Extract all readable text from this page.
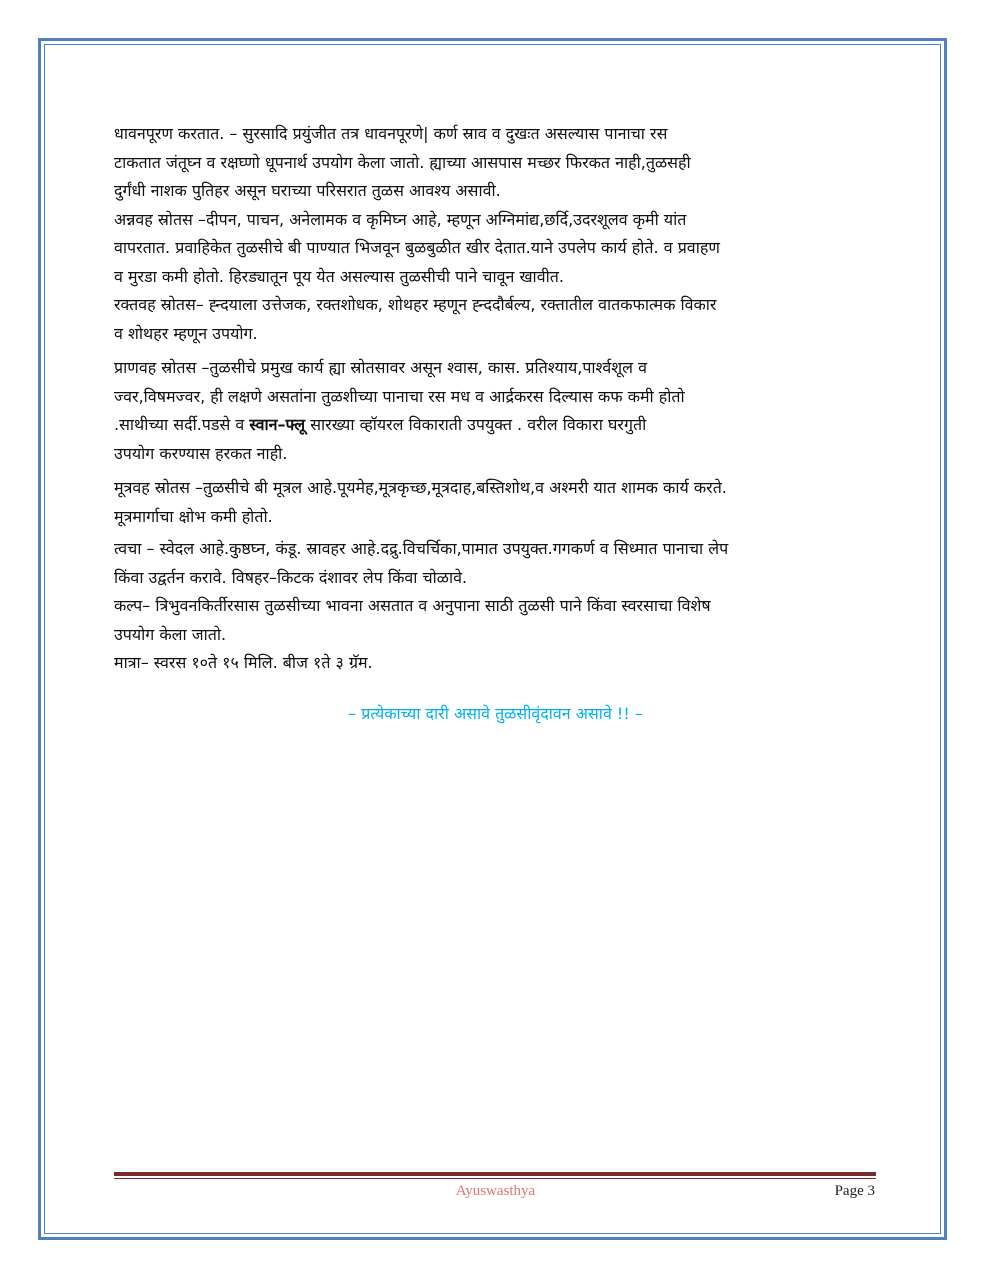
धावनपूरण करतात. – सुरसादि प्रयुंजीत तत्र धावनपूरणे| कर्ण स्राव व दुखःत असल्यास पानाचा रस

टाकतात जंतूघ्न व रक्षघ्णो धूपनार्थ उपयोग केला जातो. ह्याच्या आसपास मच्छर फिरकत नाही,तुळसही

दुर्गंधी नाशक पुतिहर असून घराच्या परिसरात तुळस आवश्य असावी.

अन्नवह स्रोतस –दीपन, पाचन, अनेलामक व कृमिघ्न आहे, म्हणून अग्निमांद्य,छर्दि,उदरशूलव कृमी यांत

वापरतात. प्रवाहिकेत तुळसीचे बी पाण्यात भिजवून बुळबुळीत खीर देतात.याने उपलेप कार्य होते. व प्रवाहण

व मुरडा कमी होतो. हिरड्यातून पूय येत असल्यास तुळसीची पाने चावून खावीत.

रक्तवह स्रोतस– ह्न्दयाला उत्तेजक, रक्तशोधक, शोथहर म्हणून ह्न्ददौर्बल्य, रक्तातील वातकफात्मक विकार

व शोथहर म्हणून उपयोग.

प्राणवह स्रोतस –तुळसीचे प्रमुख कार्य ह्या स्रोतसावर असून श्वास, कास. प्रतिश्याय,पार्श्वशूल व

ज्वर,विषमज्वर, ही लक्षणे असतांना तुळशीच्या पानाचा रस मध व आर्द्रकरस दिल्यास कफ कमी होतो

.साथीच्या सर्दी.पडसे व स्वान–फ्लू सारख्या व्हॉयरल विकाराती उपयुक्त . वरील विकारा घरगुती

उपयोग करण्यास हरकत नाही.

मूत्रवह स्रोतस –तुळसीचे बी मूत्रल आहे.पूयमेह,मूत्रकृच्छ,मूत्रदाह,बस्तिशोथ,व अश्मरी यात शामक कार्य करते.

मूत्रमार्गाचा क्षोभ कमी होतो.

त्वचा – स्वेदल आहे.कुष्ठघ्न, कंडू. स्रावहर आहे.दद्रु.विचर्चिका,पामात उपयुक्त.गगकर्ण व सिध्मात पानाचा लेप

किंवा उद्वर्तन करावे. विषहर–किटक दंशावर लेप किंवा चोळावे.

कल्प– त्रिभुवनकिर्तीरसास तुळसीच्या भावना असतात व अनुपाना साठी तुळसी पाने किंवा स्वरसाचा विशेष

उपयोग केला जातो.

मात्रा– स्वरस १०ते १५ मिलि. बीज १ते ३ ग्रॅम.

– प्रत्येकाच्या दारी असावे तुळसीवृंदावन असावे !! –
Ayuswasthya	Page 3
